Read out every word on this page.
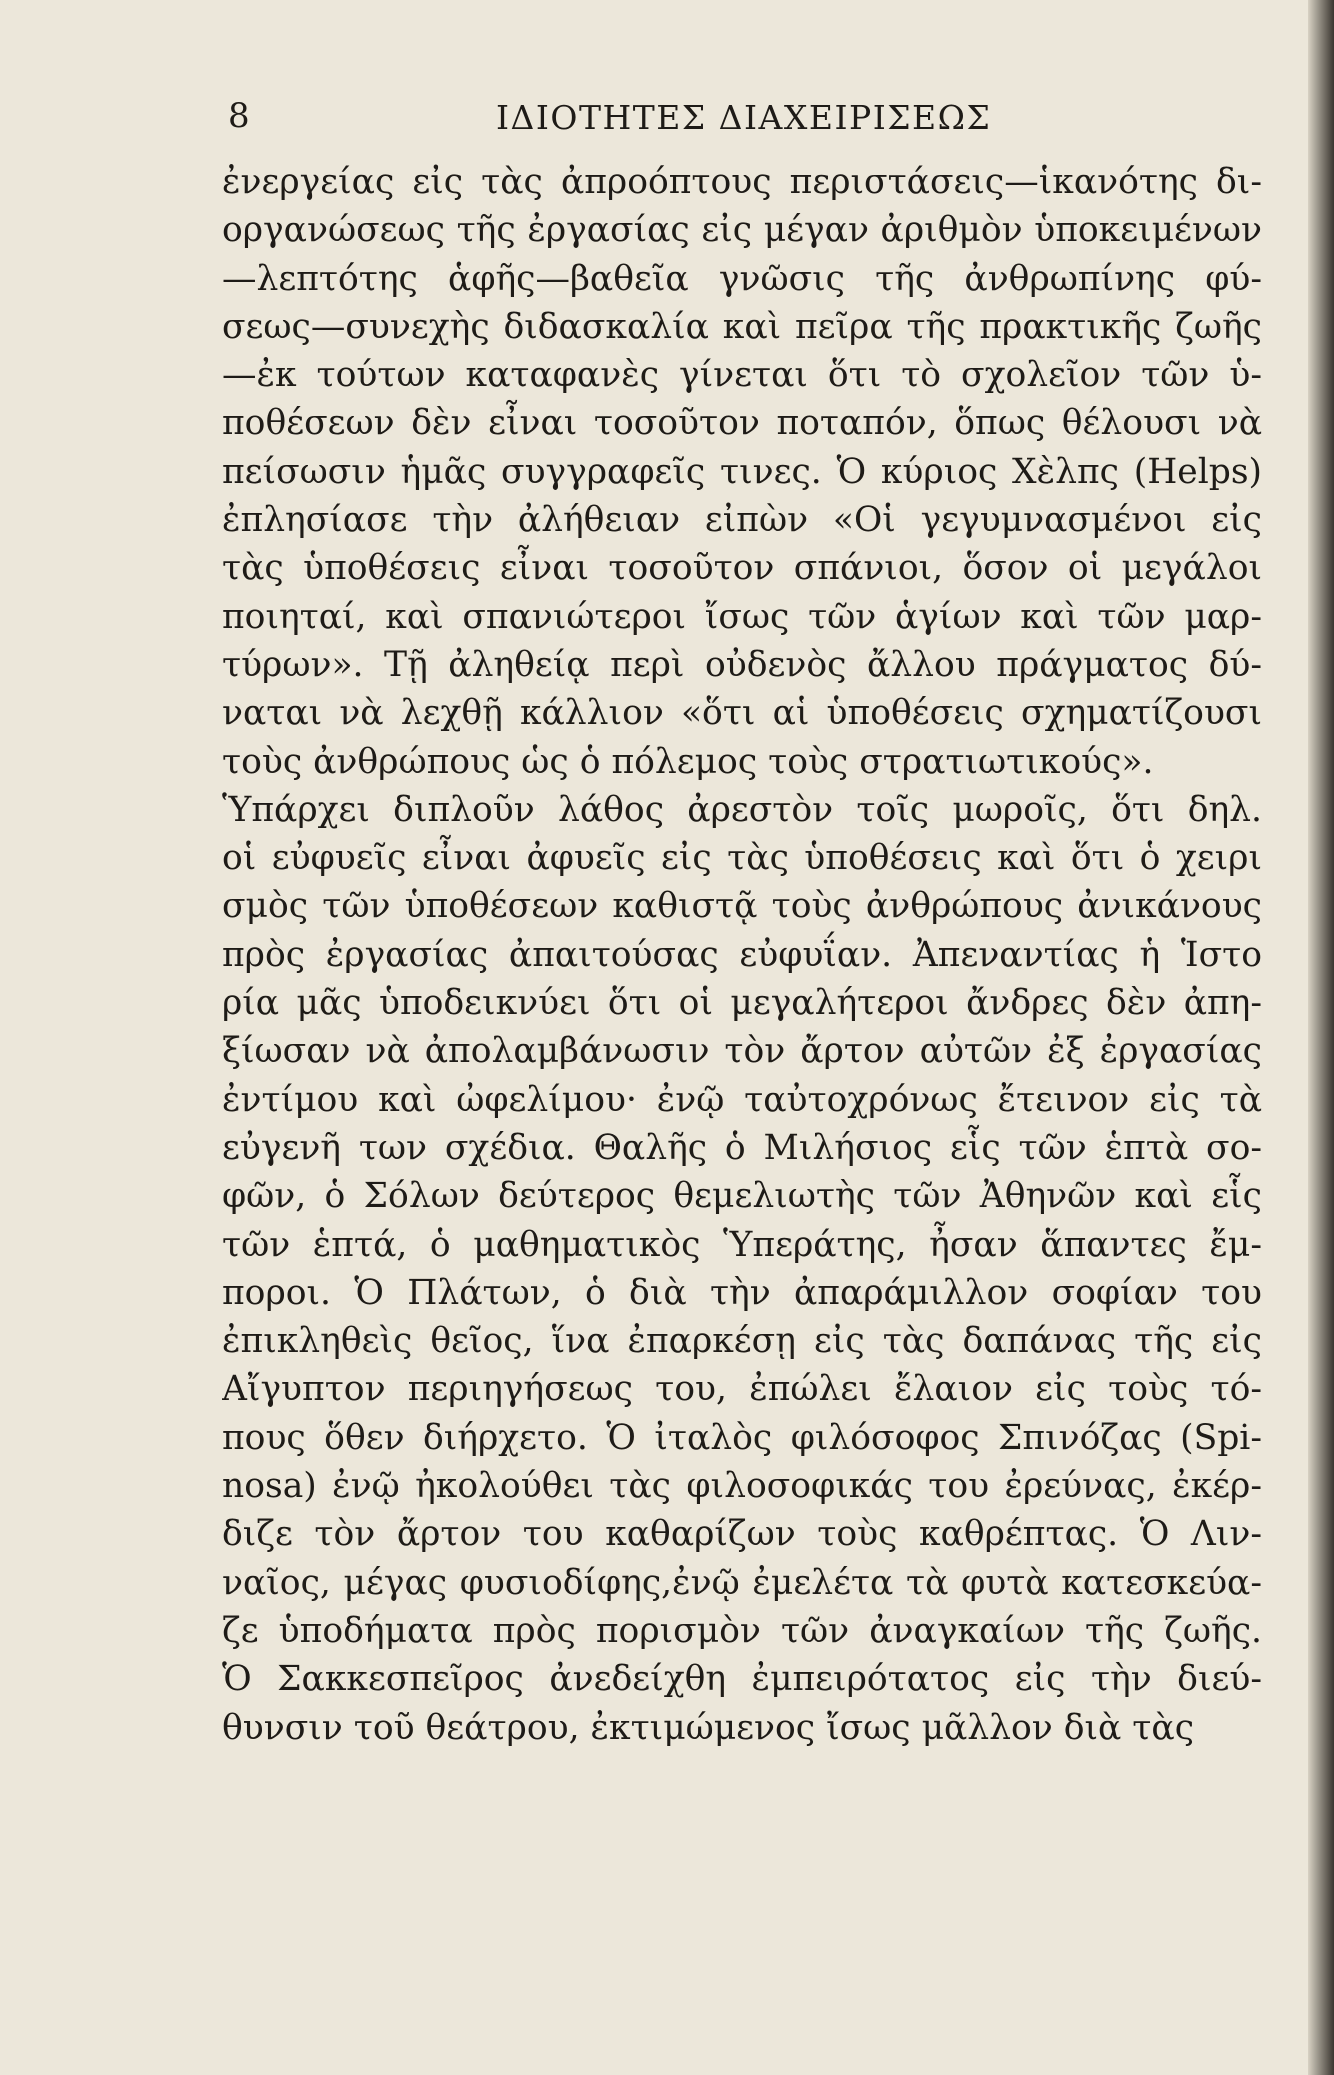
8	ΙΔΙΟΤΗΤΕΣ ΔΙΑΧΕΙΡΙΣΕΩΣ
ἐνεργείας εἰς τὰς ἀπροόπτους περιστάσεις—ἱκανότης δι-
οργανώσεως τῆς ἐργασίας εἰς μέγαν ἀριθμὸν ὑποκειμένων
—λεπτότης ἁφῆς—βαθεῖα γνῶσις τῆς ἀνθρωπίνης φύ-
σεως—συνεχὴς διδασκαλία καὶ πεῖρα τῆς πρακτικῆς ζωῆς
—ἐκ τούτων καταφανὲς γίνεται ὅτι τὸ σχολεῖον τῶν ὑ-
ποθέσεων δὲν εἶναι τοσοῦτον ποταπόν, ὅπως θέλουσι νὰ
πείσωσιν ἡμᾶς συγγραφεῖς τινες. Ὁ κύριος Χὲλπς (Helps)
ἐπλησίασε τὴν ἀλήθειαν εἰπὼν «Οἱ γεγυμνασμένοι εἰς
τὰς ὑποθέσεις εἶναι τοσοῦτον σπάνιοι, ὅσον οἱ μεγάλοι
ποιηταί, καὶ σπανιώτεροι ἴσως τῶν ἁγίων καὶ τῶν μαρ-
τύρων». Τῇ ἀληθείᾳ περὶ οὐδενὸς ἄλλου πράγματος δύ-
ναται νὰ λεχθῇ κάλλιον «ὅτι αἱ ὑποθέσεις σχηματίζουσι
τοὺς ἀνθρώπους ὡς ὁ πόλεμος τοὺς στρατιωτικούς».
Ὑπάρχει διπλοῦν λάθος ἀρεστὸν τοῖς μωροῖς, ὅτι δηλ.
οἱ εὐφυεῖς εἶναι ἀφυεῖς εἰς τὰς ὑποθέσεις καὶ ὅτι ὁ χειρι
σμὸς τῶν ὑποθέσεων καθιστᾷ τοὺς ἀνθρώπους ἀνικάνους
πρὸς ἐργασίας ἀπαιτούσας εὐφυΐαν. Ἀπεναντίας ἡ Ἱστο
ρία μᾶς ὑποδεικνύει ὅτι οἱ μεγαλήτεροι ἄνδρες δὲν ἀπη-
ξίωσαν νὰ ἀπολαμβάνωσιν τὸν ἄρτον αὐτῶν ἐξ ἐργασίας
ἐντίμου καὶ ὠφελίμου· ἐνῷ ταὐτοχρόνως ἔτεινον εἰς τὰ
εὐγενῆ των σχέδια. Θαλῆς ὁ Μιλήσιος εἷς τῶν ἑπτὰ σο-
φῶν, ὁ Σόλων δεύτερος θεμελιωτὴς τῶν Ἀθηνῶν καὶ εἷς
τῶν ἑπτά, ὁ μαθηματικὸς Ὑπεράτης, ἦσαν ἅπαντες ἔμ-
ποροι. Ὁ Πλάτων, ὁ διὰ τὴν ἀπαράμιλλον σοφίαν του
ἐπικληθεὶς θεῖος, ἵνα ἐπαρκέσῃ εἰς τὰς δαπάνας τῆς εἰς
Αἴγυπτον περιηγήσεως του, ἐπώλει ἔλαιον εἰς τοὺς τό-
πους ὅθεν διήρχετο. Ὁ ἰταλὸς φιλόσοφος Σπινόζας (Spi-
nosa) ἐνῷ ἠκολούθει τὰς φιλοσοφικάς του ἐρεύνας, ἐκέρ-
διζε τὸν ἄρτον του καθαρίζων τοὺς καθρέπτας. Ὁ Λιν-
ναῖος, μέγας φυσιοδίφης,ἐνῷ ἐμελέτα τὰ φυτὰ κατεσκεύα-
ζε ὑποδήματα πρὸς πορισμὸν τῶν ἀναγκαίων τῆς ζωῆς.
Ὁ Σακκεσπεῖρος ἀνεδείχθη ἐμπειρότατος εἰς τὴν διεύ-
θυνσιν τοῦ θεάτρου, ἐκτιμώμενος ἴσως μᾶλλον διὰ τὰς
